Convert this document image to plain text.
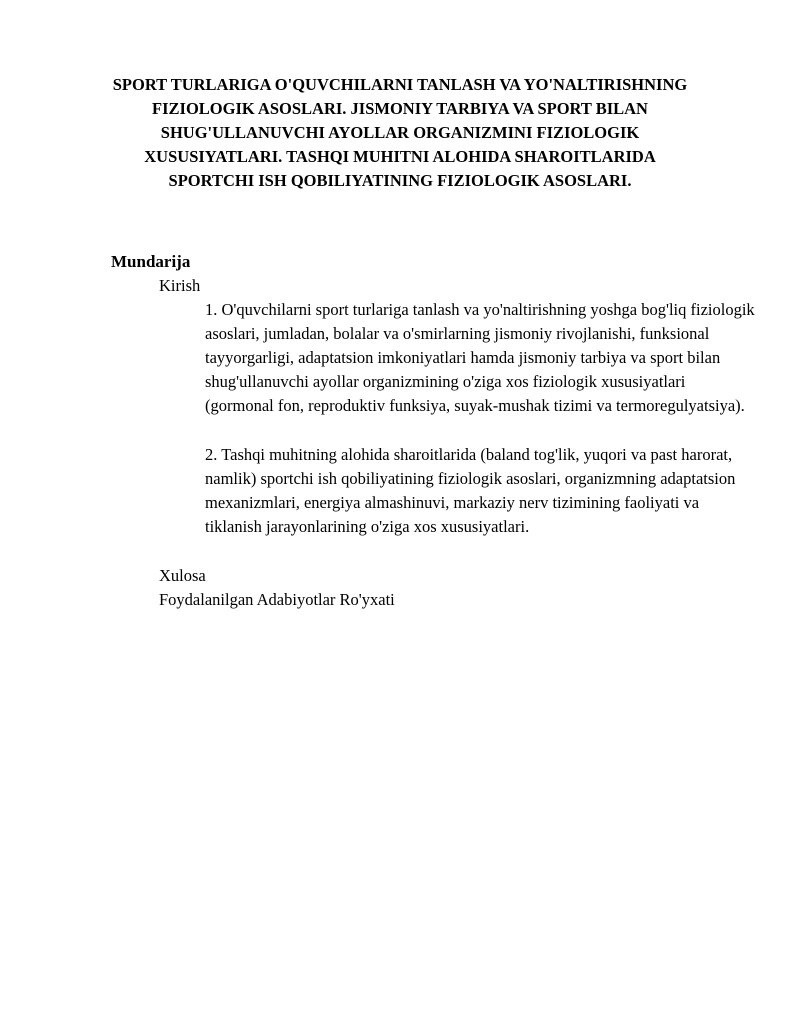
SPORT TURLARIGA O'QUVCHILARNI TANLASH VA YO'NALTIRISHNING FIZIOLOGIK ASOSLARI. JISMONIY TARBIYA VA SPORT BILAN SHUG'ULLANUVCHI AYOLLAR ORGANIZMINI FIZIOLOGIK XUSUSIYATLARI. TASHQI MUHITNI ALOHIDA SHAROITLARIDA SPORTCHI ISH QOBILIYATINING FIZIOLOGIK ASOSLARI.
Mundarija

Kirish

1. O'quvchilarni sport turlariga tanlash va yo'naltirishning yoshga bog'liq fiziologik asoslari, jumladan, bolalar va o'smirlarning jismoniy rivojlanishi, funksional tayyorgarligi, adaptatsion imkoniyatlari hamda jismoniy tarbiya va sport bilan shug'ullanuvchi ayollar organizmining o'ziga xos fiziologik xususiyatlari (gormonal fon, reproduktiv funksiya, suyak-mushak tizimi va termoregulyatsiya).

2. Tashqi muhitning alohida sharoitlarida (baland tog'lik, yuqori va past harorat, namlik) sportchi ish qobiliyatining fiziologik asoslari, organizmning adaptatsion mexanizmlari, energiya almashinuvi, markaziy nerv tizimining faoliyati va tiklanish jarayonlarining o'ziga xos xususiyatlari.

Xulosa

Foydalanilgan Adabiyotlar Ro'yxati
